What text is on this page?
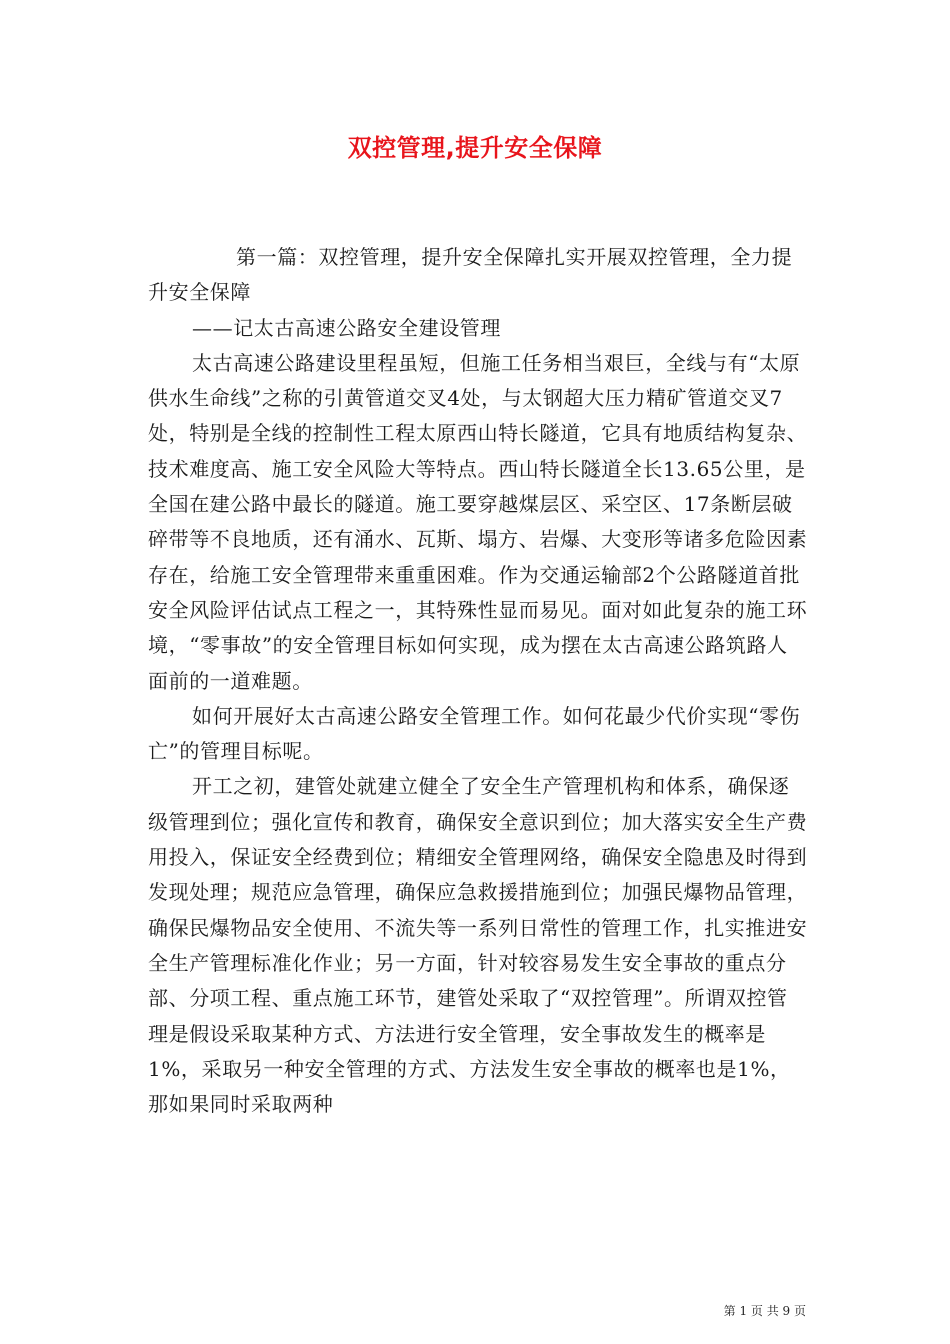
双控管理,提升安全保障

第一篇：双控管理，提升安全保障扎实开展双控管理，全力提升安全保障

——记太古高速公路安全建设管理

太古高速公路建设里程虽短，但施工任务相当艰巨，全线与有“太原供水生命线”之称的引黄管道交叉4处，与太钢超大压力精矿管道交叉7处，特别是全线的控制性工程太原西山特长隧道，它具有地质结构复杂、技术难度高、施工安全风险大等特点。西山特长隧道全长13.65公里，是全国在建公路中最长的隧道。施工要穿越煤层区、采空区、17条断层破碎带等不良地质，还有涌水、瓦斯、塌方、岩爆、大变形等诸多危险因素存在，给施工安全管理带来重重困难。作为交通运输部2个公路隧道首批安全风险评估试点工程之一，其特殊性显而易见。面对如此复杂的施工环境，“零事故”的安全管理目标如何实现，成为摆在太古高速公路筑路人面前的一道难题。

如何开展好太古高速公路安全管理工作。如何花最少代价实现“零伤亡”的管理目标呢。

开工之初，建管处就建立健全了安全生产管理机构和体系，确保逐级管理到位；强化宣传和教育，确保安全意识到位；加大落实安全生产费用投入，保证安全经费到位；精细安全管理网络，确保安全隐患及时得到发现处理；规范应急管理，确保应急救援措施到位；加强民爆物品管理，确保民爆物品安全使用、不流失等一系列日常性的管理工作，扎实推进安全生产管理标准化作业；另一方面，针对较容易发生安全事故的重点分部、分项工程、重点施工环节，建管处采取了“双控管理”。所谓双控管理是假设采取某种方式、方法进行安全管理，安全事故发生的概率是1%，采取另一种安全管理的方式、方法发生安全事故的概率也是1%，那如果同时采取两种

第 1 页 共 9 页
